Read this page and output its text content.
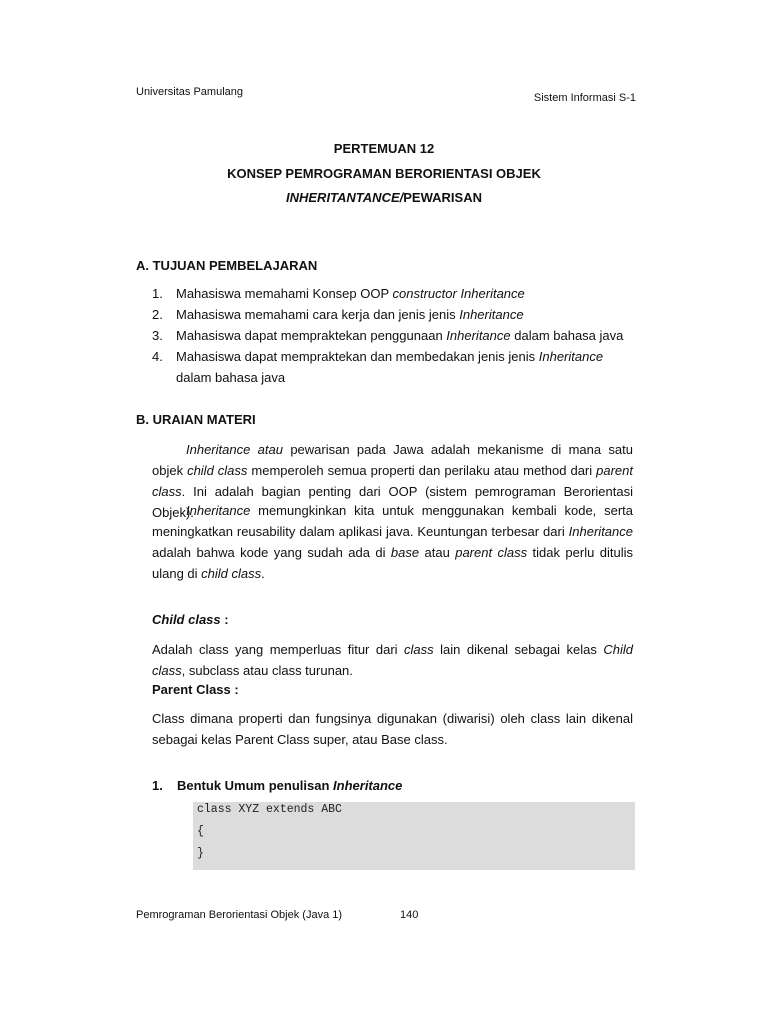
Universitas Pamulang	Sistem Informasi S-1
PERTEMUAN 12
KONSEP PEMROGRAMAN BERORIENTASI OBJEK
INHERITANTANCE/PEWARISAN
A. TUJUAN PEMBELAJARAN
1.	Mahasiswa memahami Konsep OOP constructor Inheritance
2.	Mahasiswa memahami cara kerja dan jenis jenis Inheritance
3.	Mahasiswa dapat mempraktekan penggunaan Inheritance dalam bahasa java
4.	Mahasiswa dapat mempraktekan dan membedakan jenis jenis Inheritance dalam bahasa java
B. URAIAN MATERI
Inheritance atau pewarisan pada Jawa adalah mekanisme di mana satu objek child class memperoleh semua properti dan perilaku atau method dari parent class. Ini adalah bagian penting dari OOP (sistem pemrograman Berorientasi Objek).
Inheritance memungkinkan kita untuk menggunakan kembali kode, serta meningkatkan reusability dalam aplikasi java. Keuntungan terbesar dari Inheritance adalah bahwa kode yang sudah ada di base atau parent class tidak perlu ditulis ulang di child class.
Child class :
Adalah class yang memperluas fitur dari class lain dikenal sebagai kelas Child class, subclass atau class turunan.
Parent Class :
Class dimana properti dan fungsinya digunakan (diwarisi) oleh class lain dikenal sebagai kelas Parent Class super, atau Base class.
1.	Bentuk Umum penulisan Inheritance
class XYZ extends ABC
{
}
Pemrograman Berorientasi Objek (Java 1)	140
